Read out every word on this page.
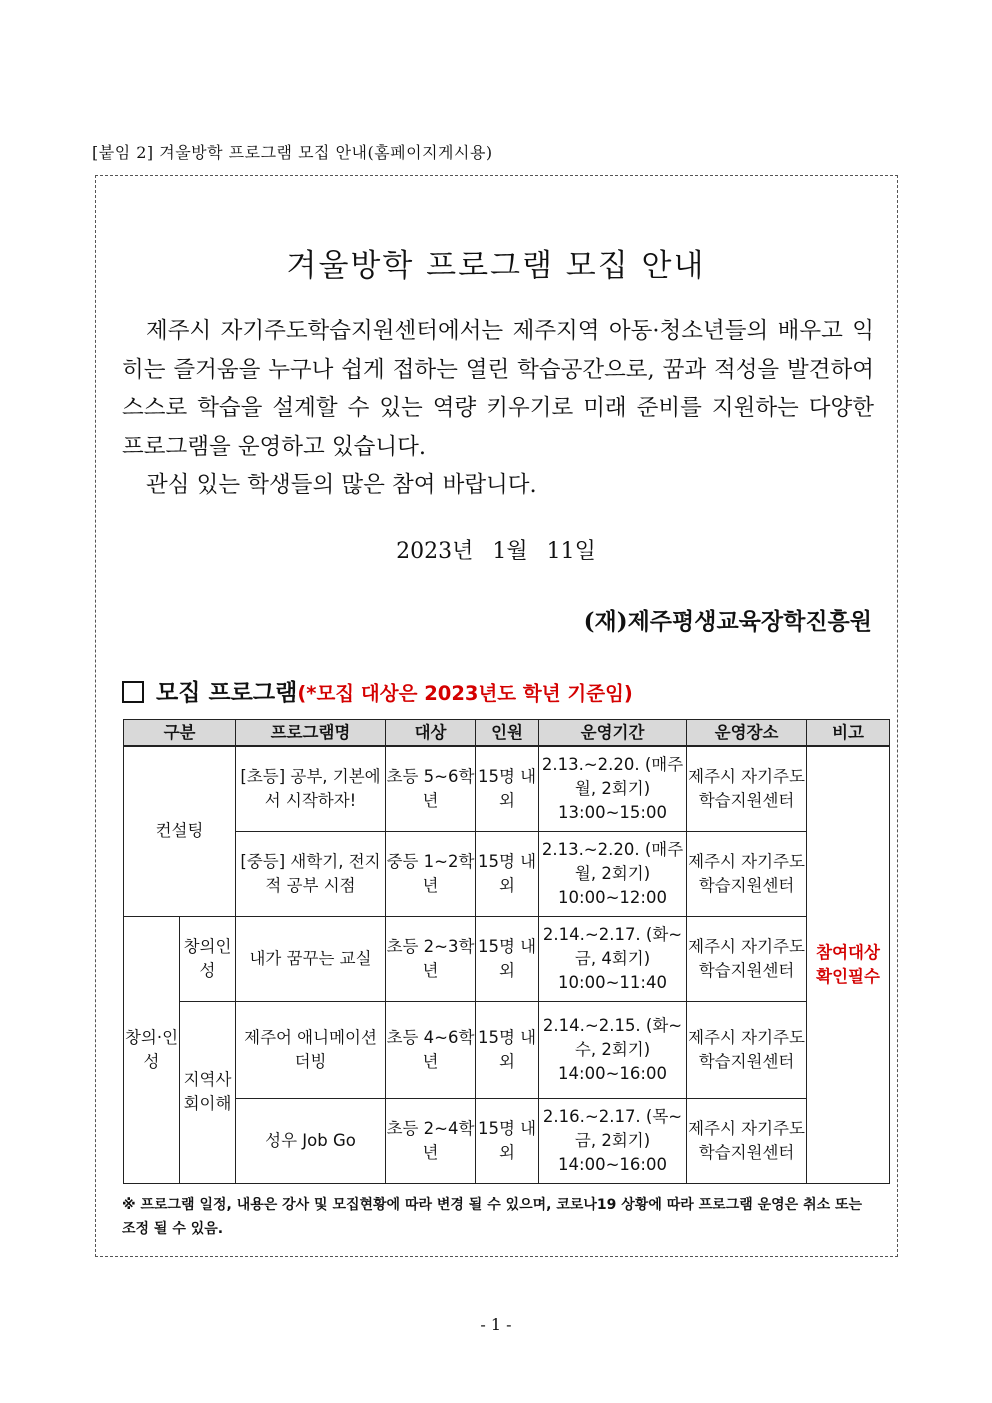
[붙임 2] 겨울방학 프로그램 모집 안내(홈페이지게시용)
겨울방학 프로그램 모집 안내

제주시 자기주도학습지원센터에서는 제주지역 아동·청소년들의 배우고 익히는 즐거움을 누구나 쉽게 접하는 열린 학습공간으로, 꿈과 적성을 발견하여 스스로 학습을 설계할 수 있는 역량 키우기로 미래 준비를 지원하는 다양한 프로그램을 운영하고 있습니다.

관심 있는 학생들의 많은 참여 바랍니다.

2023년 1월 11일
(재)제주평생교육장학진흥원
모집 프로그램(*모집 대상은 2023년도 학년 기준임)
구분		프로그램명	대상	인원	운영기간	운영장소	비고
컨설팅		[초등] 공부, 기본에서 시작하자!	초등 5~6학년	15명 내외	2.13.~2.20. (매주 월, 2회기) 13:00~15:00	제주시 자기주도학습지원센터	참여대상 확인필수
		[중등] 새학기, 전지적 공부 시점	중등 1~2학년	15명 내외	2.13.~2.20. (매주 월, 2회기) 10:00~12:00	제주시 자기주도학습지원센터	
창의·인성	창의인성	내가 꿈꾸는 교실	초등 2~3학년	15명 내외	2.14.~2.17. (화~금, 4회기) 10:00~11:40	제주시 자기주도학습지원센터	
	지역사회이해	제주어 애니메이션 더빙	초등 4~6학년	15명 내외	2.14.~2.15. (화~수, 2회기) 14:00~16:00	제주시 자기주도학습지원센터	
		성우 Job Go	초등 2~4학년	15명 내외	2.16.~2.17. (목~금, 2회기) 14:00~16:00	제주시 자기주도학습지원센터	
※ 프로그램 일정, 내용은 강사 및 모집현황에 따라 변경 될 수 있으며, 코로나19 상황에 따라 프로그램 운영은 취소 또는 조정 될 수 있음.
- 1 -
